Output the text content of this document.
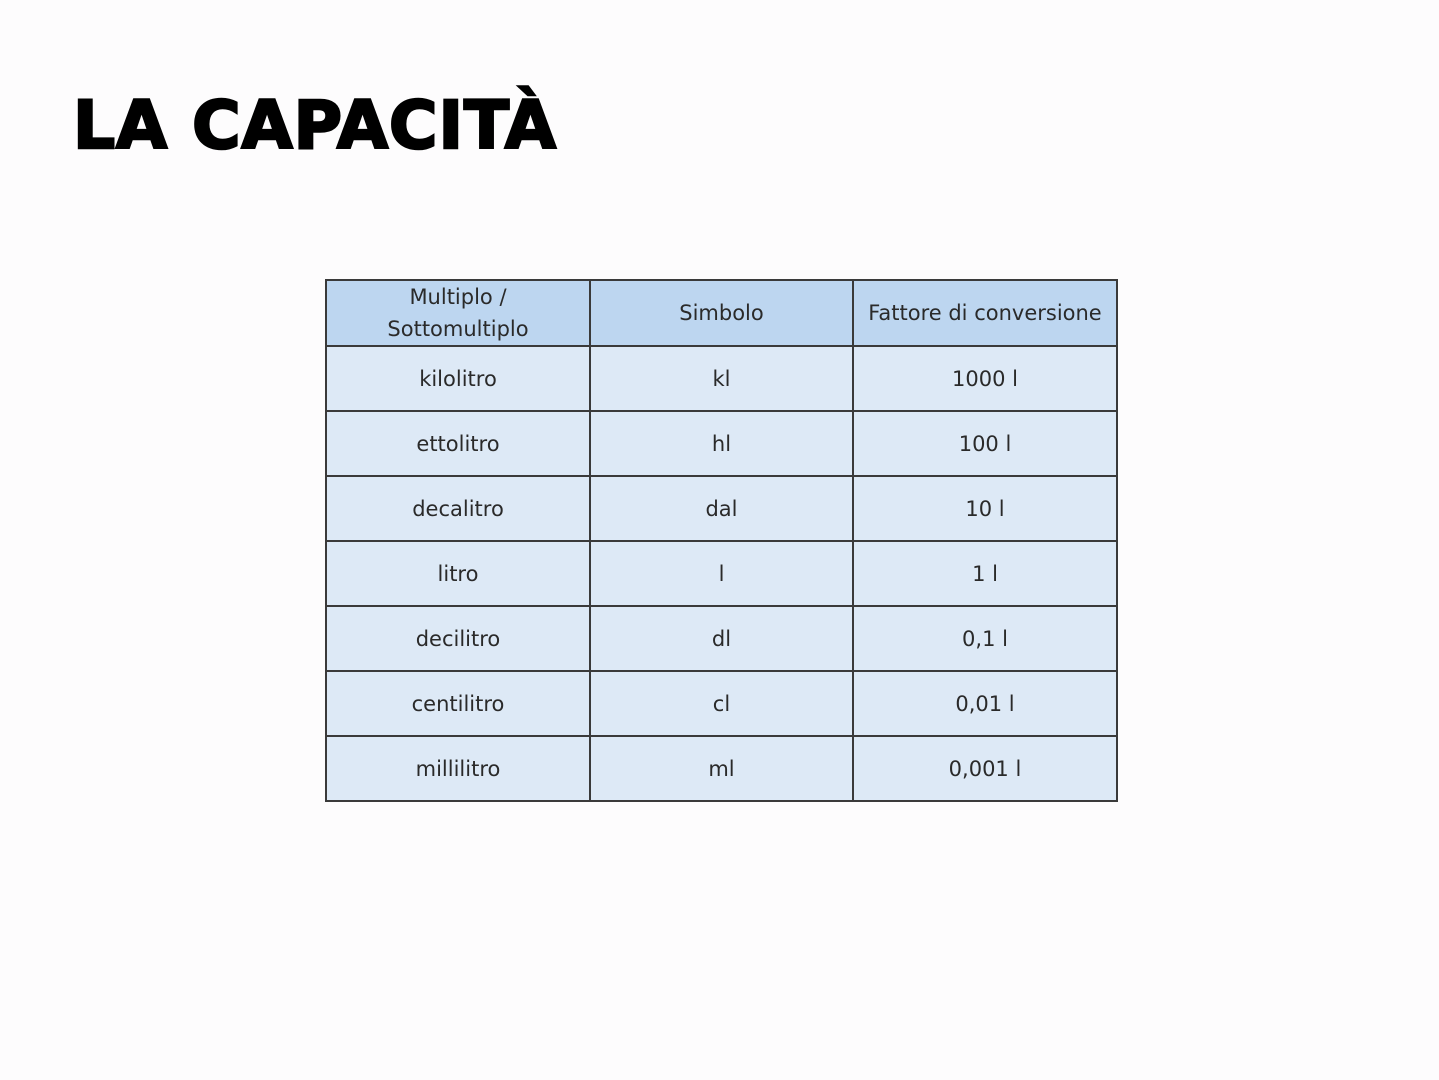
LA CAPACITÀ
Multiplo /
Sottomultiplo	Simbolo	Fattore di conversione
kilolitro	kl	1000 l
ettolitro	hl	100 l
decalitro	dal	10 l
litro	l	1 l
decilitro	dl	0,1 l
centilitro	cl	0,01 l
millilitro	ml	0,001 l
